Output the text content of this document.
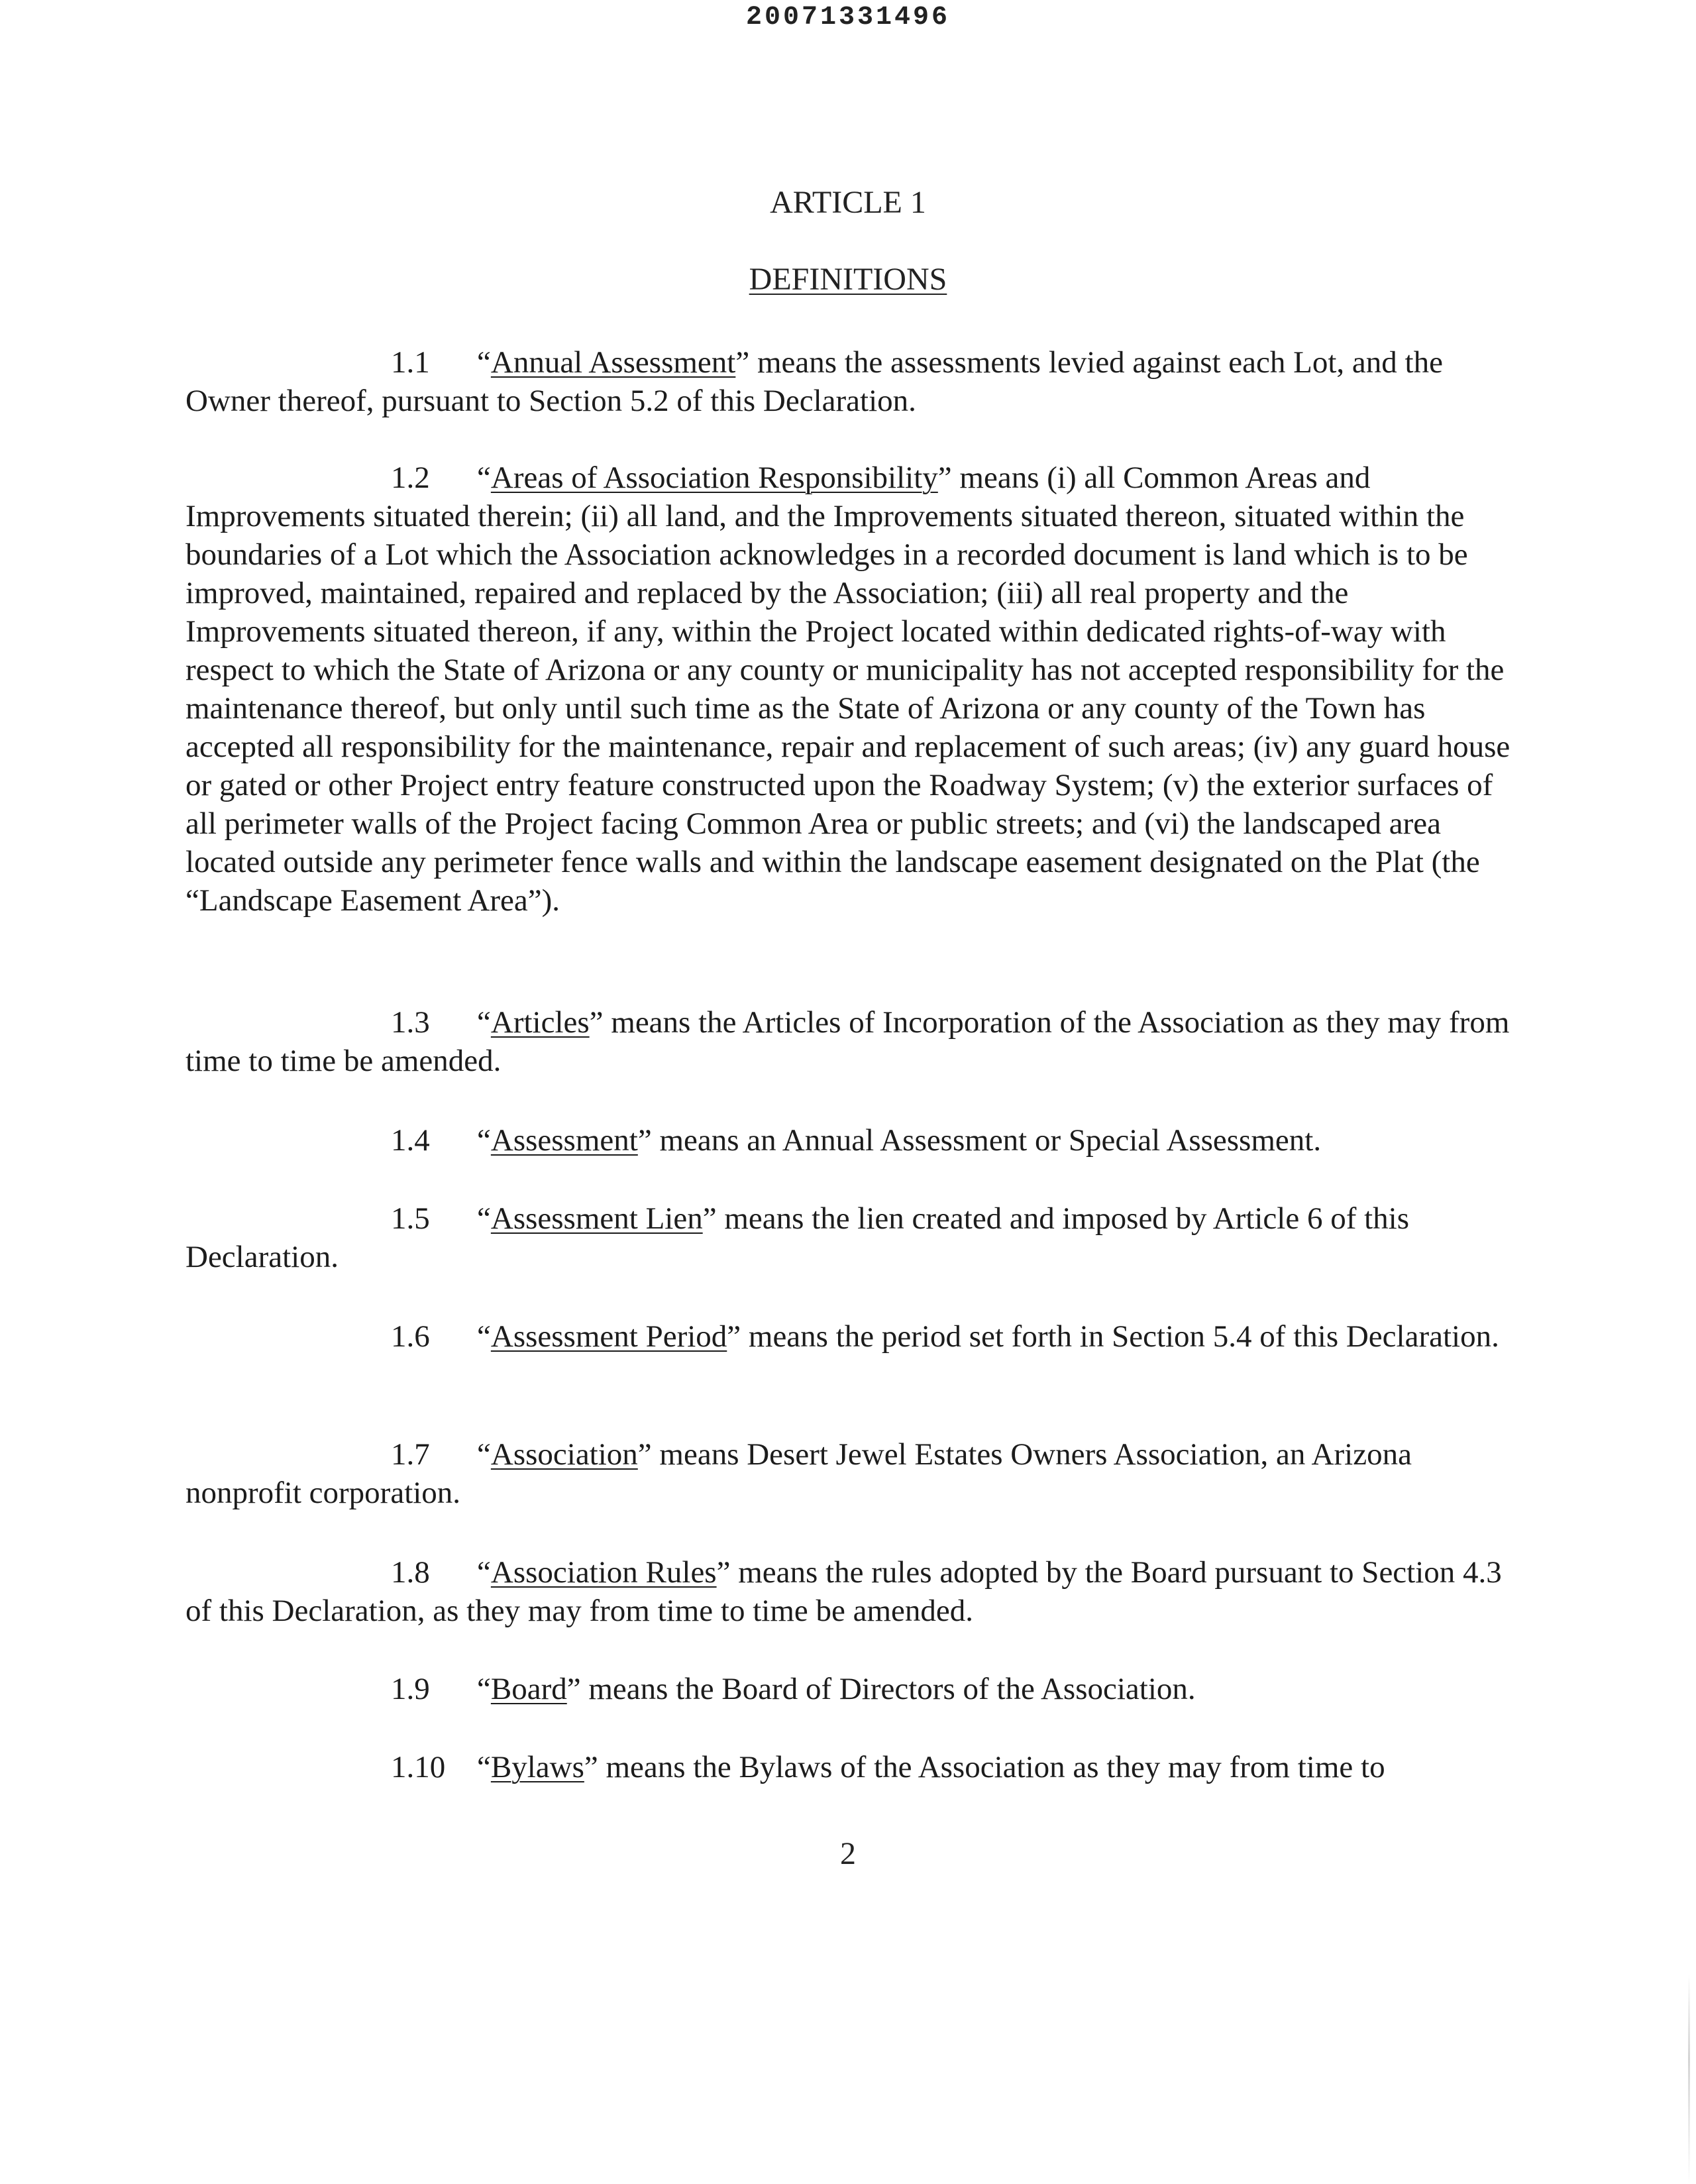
20071331496
ARTICLE 1
DEFINITIONS

1.1 “Annual Assessment” means the assessments levied against each Lot, and the Owner thereof, pursuant to Section 5.2 of this Declaration.

1.2 “Areas of Association Responsibility” means (i) all Common Areas and Improvements situated therein; (ii) all land, and the Improvements situated thereon, situated within the boundaries of a Lot which the Association acknowledges in a recorded document is land which is to be improved, maintained, repaired and replaced by the Association; (iii) all real property and the Improvements situated thereon, if any, within the Project located within dedicated rights-of-way with respect to which the State of Arizona or any county or municipality has not accepted responsibility for the maintenance thereof, but only until such time as the State of Arizona or any county of the Town has accepted all responsibility for the maintenance, repair and replacement of such areas; (iv) any guard house or gated or other Project entry feature constructed upon the Roadway System; (v) the exterior surfaces of all perimeter walls of the Project facing Common Area or public streets; and (vi) the landscaped area located outside any perimeter fence walls and within the landscape easement designated on the Plat (the “Landscape Easement Area”).

1.3 “Articles” means the Articles of Incorporation of the Association as they may from time to time be amended.

1.4 “Assessment” means an Annual Assessment or Special Assessment.

1.5 “Assessment Lien” means the lien created and imposed by Article 6 of this Declaration.

1.6 “Assessment Period” means the period set forth in Section 5.4 of this Declaration.

1.7 “Association” means Desert Jewel Estates Owners Association, an Arizona nonprofit corporation.

1.8 “Association Rules” means the rules adopted by the Board pursuant to Section 4.3 of this Declaration, as they may from time to time be amended.

1.9 “Board” means the Board of Directors of the Association.

1.10 “Bylaws” means the Bylaws of the Association as they may from time to

2
